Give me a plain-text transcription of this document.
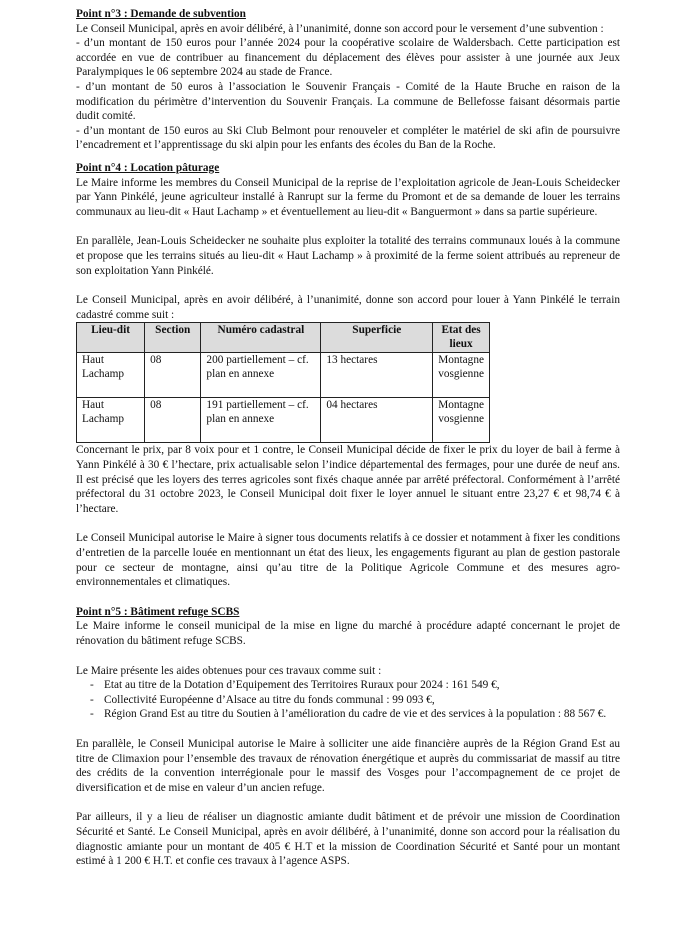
Point n°3 : Demande de subvention

Le Conseil Municipal, après en avoir délibéré, à l’unanimité, donne son accord pour le versement d’une subvention :

- d’un montant de 150 euros pour l’année 2024 pour la coopérative scolaire de Waldersbach. Cette participation est accordée en vue de contribuer au financement du déplacement des élèves pour assister à une journée aux Jeux Paralympiques le 06 septembre 2024 au stade de France.

- d’un montant de 50 euros à l’association le Souvenir Français - Comité de la Haute Bruche en raison de la modification du périmètre d’intervention du Souvenir Français. La commune de Bellefosse faisant désormais partie dudit comité.

- d’un montant de 150 euros au Ski Club Belmont pour renouveler et compléter le matériel de ski afin de poursuivre l’encadrement et l’apprentissage du ski alpin pour les enfants des écoles du Ban de la Roche.

Point n°4 : Location pâturage

Le Maire informe les membres du Conseil Municipal de la reprise de l’exploitation agricole de Jean-Louis Scheidecker par Yann Pinkélé, jeune agriculteur installé à Ranrupt sur la ferme du Promont et de sa demande de louer les terrains communaux au lieu-dit « Haut Lachamp » et éventuellement au lieu-dit « Banguermont » dans sa partie supérieure.

En parallèle, Jean-Louis Scheidecker ne souhaite plus exploiter la totalité des terrains communaux loués à la commune et propose que les terrains situés au lieu-dit « Haut Lachamp » à proximité de la ferme soient attribués au repreneur de son exploitation Yann Pinkélé.

Le Conseil Municipal, après en avoir délibéré, à l’unanimité, donne son accord pour louer à Yann Pinkélé le terrain cadastré comme suit :

Lieu-dit	Section	Numéro cadastral	Superficie	Etat des lieux
Haut Lachamp	08	200 partiellement – cf. plan en annexe	13 hectares	Montagne vosgienne
Haut Lachamp	08	191 partiellement – cf. plan en annexe	04 hectares	Montagne vosgienne

Concernant le prix, par 8 voix pour et 1 contre, le Conseil Municipal décide de fixer le prix du loyer de bail à ferme à Yann Pinkélé à 30 € l’hectare, prix actualisable selon l’indice départemental des fermages, pour une durée de neuf ans. Il est précisé que les loyers des terres agricoles sont fixés chaque année par arrêté préfectoral. Conformément à l’arrêté préfectoral du 31 octobre 2023, le Conseil Municipal doit fixer le loyer annuel le situant entre 23,27 € et 98,74 € à l’hectare.

Le Conseil Municipal autorise le Maire à signer tous documents relatifs à ce dossier et notamment à fixer les conditions d’entretien de la parcelle louée en mentionnant un état des lieux, les engagements figurant au plan de gestion pastorale pour ce secteur de montagne, ainsi qu’au titre de la Politique Agricole Commune et des mesures agro-environnementales et climatiques.

Point n°5 : Bâtiment refuge SCBS

Le Maire informe le conseil municipal de la mise en ligne du marché à procédure adapté concernant le projet de rénovation du bâtiment refuge SCBS.

Le Maire présente les aides obtenues pour ces travaux comme suit :

- Etat au titre de la Dotation d’Equipement des Territoires Ruraux pour 2024 : 161 549 €,
- Collectivité Européenne d’Alsace au titre du fonds communal : 99 093 €,
- Région Grand Est au titre du Soutien à l’amélioration du cadre de vie et des services à la population : 88 567 €.

En parallèle, le Conseil Municipal autorise le Maire à solliciter une aide financière auprès de la Région Grand Est au titre de Climaxion pour l’ensemble des travaux de rénovation énergétique et auprès du commissariat de massif au titre des crédits de la convention interrégionale pour le massif des Vosges pour l’accompagnement de ce projet de diversification et de mise en valeur d’un ancien refuge.

Par ailleurs, il y a lieu de réaliser un diagnostic amiante dudit bâtiment et de prévoir une mission de Coordination Sécurité et Santé. Le Conseil Municipal, après en avoir délibéré, à l’unanimité, donne son accord pour la réalisation du diagnostic amiante pour un montant de 405 € H.T et la mission de Coordination Sécurité et Santé pour un montant estimé à 1 200 € H.T. et confie ces travaux à l’agence ASPS.
